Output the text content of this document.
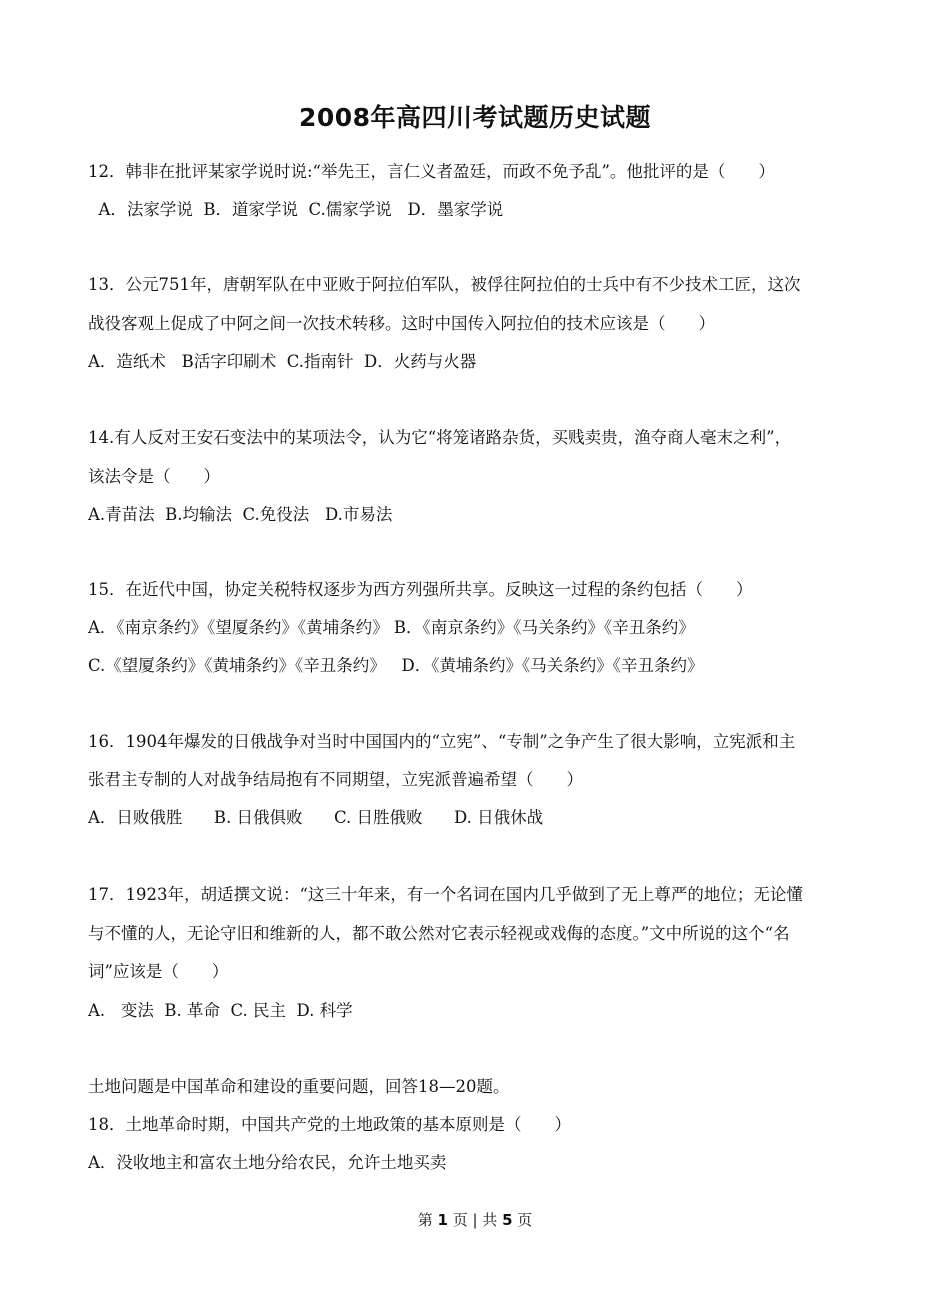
2008年高四川考试题历史试题
12．韩非在批评某家学说时说:“举先王，言仁义者盈廷，而政不免予乱”。他批评的是（　　）
A．法家学说  B．道家学说  C.儒家学说   D．墨家学说
13．公元751年，唐朝军队在中亚败于阿拉伯军队，被俘往阿拉伯的士兵中有不少技术工匠，这次
战役客观上促成了中阿之间一次技术转移。这时中国传入阿拉伯的技术应该是（　　）
A．造纸术   B活字印刷术  C.指南针  D．火药与火器
14.有人反对王安石变法中的某项法令，认为它“将笼诸路杂货，买贱卖贵，渔夺商人毫末之利”，
该法令是（　　）
A.青苗法  B.均输法  C.免役法   D.市易法
15．在近代中国，协定关税特权逐步为西方列强所共享。反映这一过程的条约包括（　　）
A．《南京条约》《望厦条约》《黄埔条约》 B．《南京条约》《马关条约》《辛丑条约》
C.《望厦条约》《黄埔条约》《辛丑条约》   D．《黄埔条约》《马关条约》《辛丑条约》
16．1904年爆发的日俄战争对当时中国国内的“立宪”、“专制”之争产生了很大影响，立宪派和主
张君主专制的人对战争结局抱有不同期望，立宪派普遍希望（　　）
A．日败俄胜      B. 日俄俱败      C. 日胜俄败      D. 日俄休战
17．1923年，胡适撰文说：“这三十年来，有一个名词在国内几乎做到了无上尊严的地位；无论懂
与不懂的人，无论守旧和维新的人，都不敢公然对它表示轻视或戏侮的态度。”文中所说的这个“名
词”应该是（　　）
A.   变法  B. 革命  C. 民主  D. 科学
土地问题是中国革命和建设的重要问题，回答18—20题。
18．土地革命时期，中国共产党的土地政策的基本原则是（　　）
A．没收地主和富农土地分给农民，允许土地买卖
第 1 页 | 共 5 页
